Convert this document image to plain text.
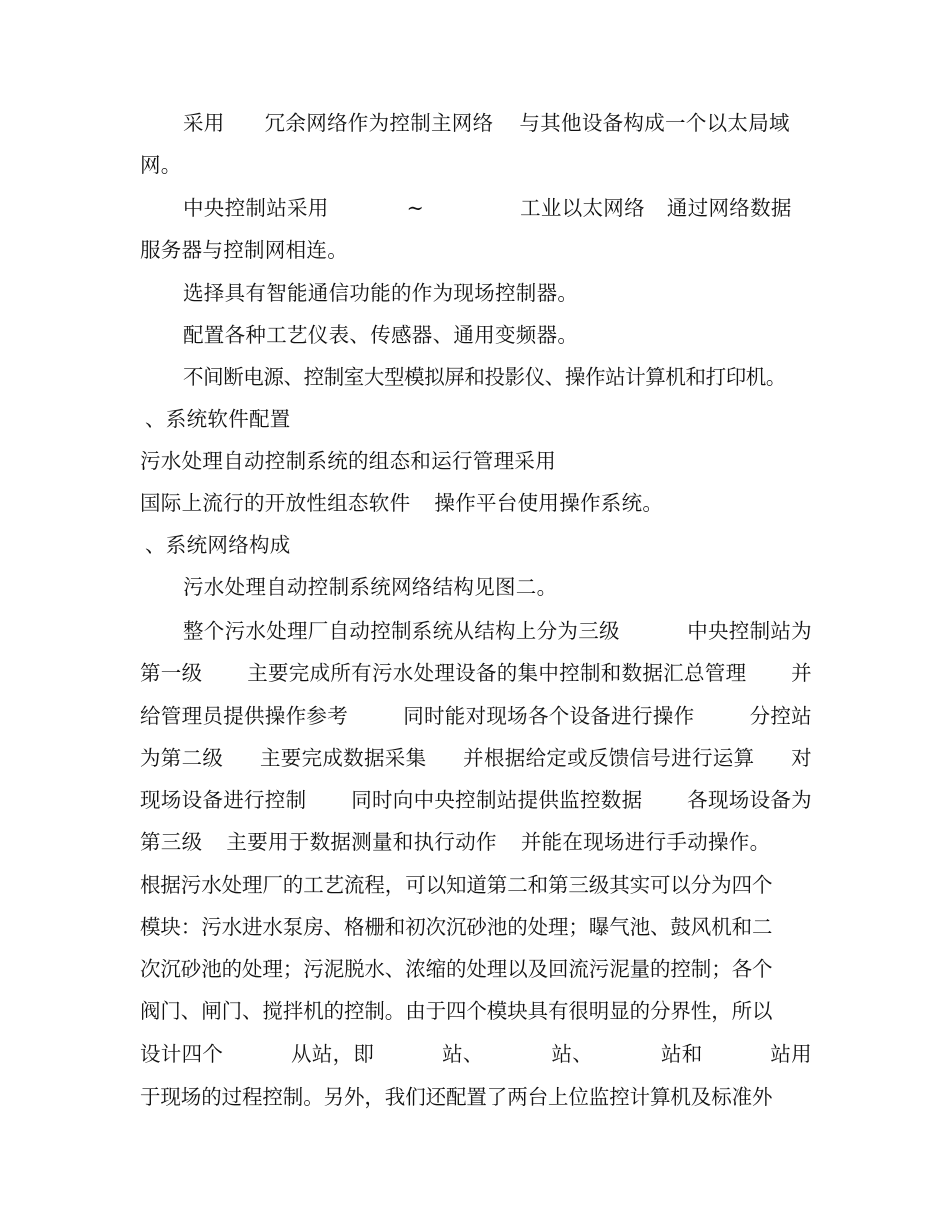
采用 冗余网络作为控制主网络 与其他设备构成一个以太局域
网。
中央控制站采用	~	工业以太网络 通过网络数据
服务器与控制网相连。
选择具有智能通信功能的作为现场控制器。
配置各种工艺仪表、传感器、通用变频器。
不间断电源、控制室大型模拟屏和投影仪、操作站计算机和打印机。
、系统软件配置
污水处理自动控制系统的组态和运行管理采用
国际上流行的开放性组态软件 操作平台使用操作系统。
、系统网络构成
污水处理自动控制系统网络结构见图二。
整个污水处理厂自动控制系统从结构上分为三级	中央控制站为
第一级 主要完成所有污水处理设备的集中控制和数据汇总管理 并
给管理员提供操作参考	同时能对现场各个设备进行操作	分控站
为第二级 主要完成数据采集 并根据给定或反馈信号进行运算 对
现场设备进行控制 同时向中央控制站提供监控数据 各现场设备为
第三级 主要用于数据测量和执行动作 并能在现场进行手动操作。
根据污水处理厂的工艺流程，可以知道第二和第三级其实可以分为四个
模块：污水进水泵房、格栅和初次沉砂池的处理；曝气池、鼓风机和二
次沉砂池的处理；污泥脱水、浓缩的处理以及回流污泥量的控制；各个
阀门、闸门、搅拌机的控制。由于四个模块具有很明显的分界性，所以
设计四个	从站，即	站、	站、	站和	站用
于现场的过程控制。另外，我们还配置了两台上位监控计算机及标准外
